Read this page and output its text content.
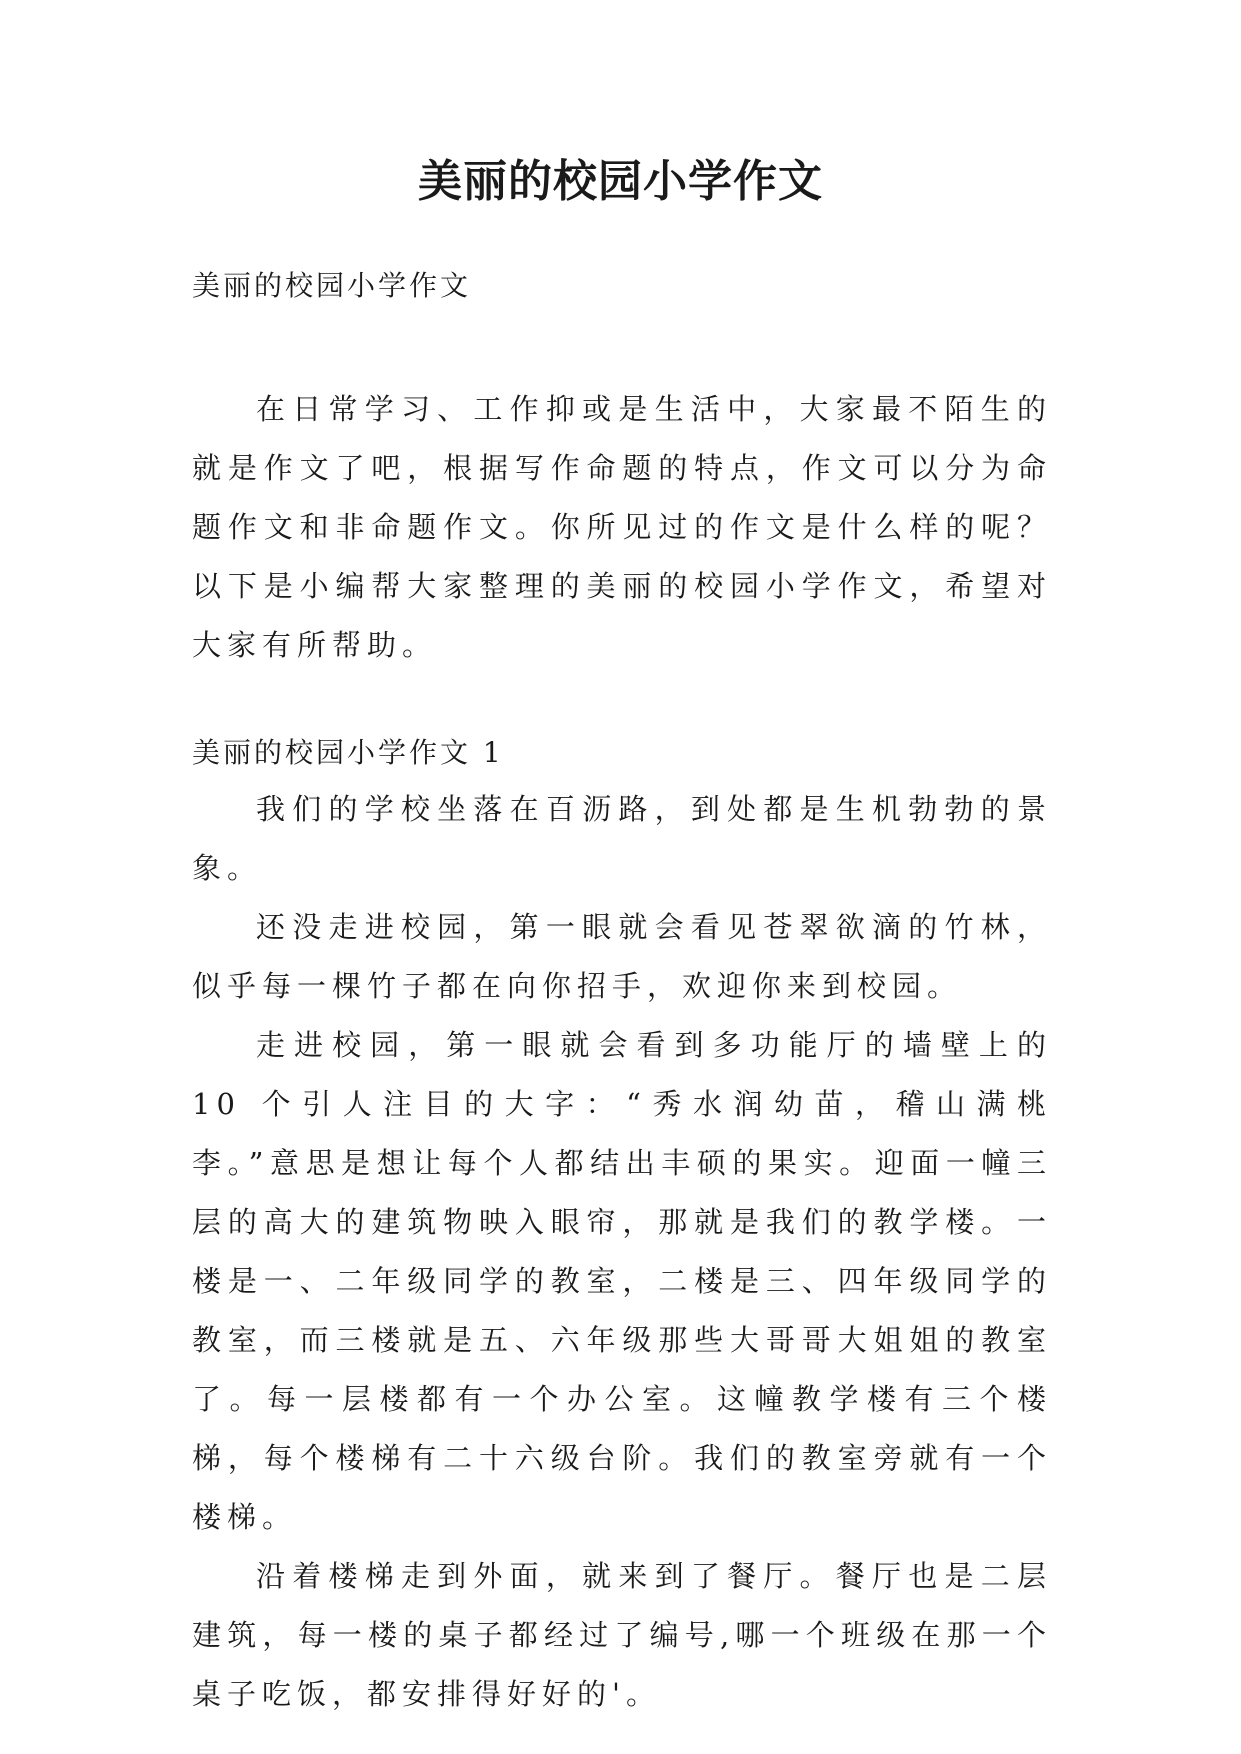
美丽的校园小学作文

美丽的校园小学作文

在日常学习、工作抑或是生活中，大家最不陌生的就是作文了吧，根据写作命题的特点，作文可以分为命题作文和非命题作文。你所见过的作文是什么样的呢？以下是小编帮大家整理的美丽的校园小学作文，希望对大家有所帮助。

美丽的校园小学作文 1

我们的学校坐落在百沥路，到处都是生机勃勃的景象。

还没走进校园，第一眼就会看见苍翠欲滴的竹林，似乎每一棵竹子都在向你招手，欢迎你来到校园。

走进校园，第一眼就会看到多功能厅的墙壁上的 10 个引人注目的大字：“秀水润幼苗，稽山满桃李。”意思是想让每个人都结出丰硕的果实。迎面一幢三层的高大的建筑物映入眼帘，那就是我们的教学楼。一楼是一、二年级同学的教室，二楼是三、四年级同学的教室，而三楼就是五、六年级那些大哥哥大姐姐的教室了。每一层楼都有一个办公室。这幢教学楼有三个楼梯，每个楼梯有二十六级台阶。我们的教室旁就有一个楼梯。

沿着楼梯走到外面，就来到了餐厅。餐厅也是二层建筑，每一楼的桌子都经过了编号,哪一个班级在那一个桌子吃饭，都安排得好好的'。
